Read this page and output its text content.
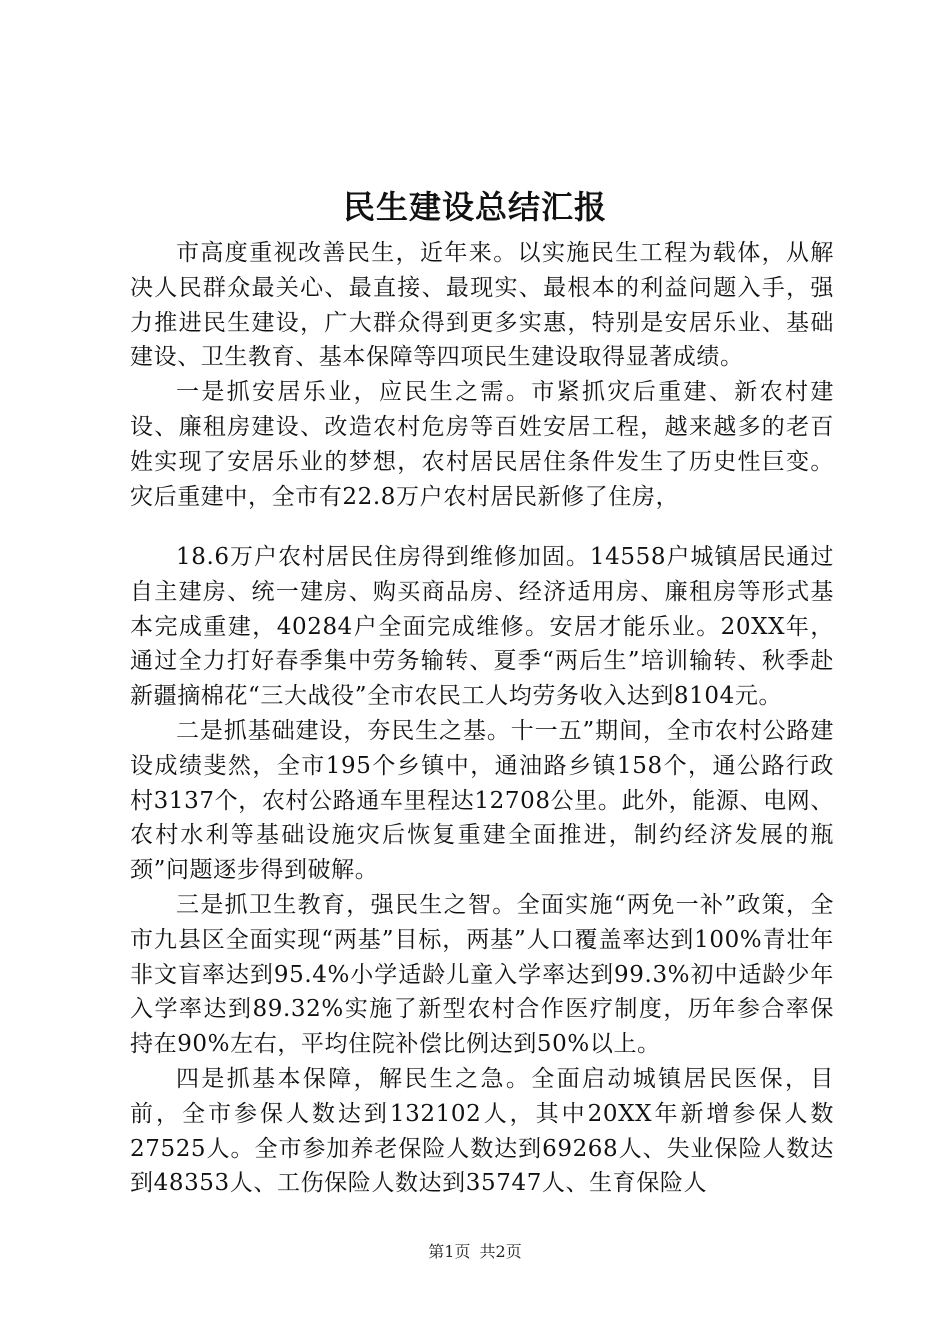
民生建设总结汇报

市高度重视改善民生，近年来。以实施民生工程为载体，从解决人民群众最关心、最直接、最现实、最根本的利益问题入手，强力推进民生建设，广大群众得到更多实惠，特别是安居乐业、基础建设、卫生教育、基本保障等四项民生建设取得显著成绩。

一是抓安居乐业，应民生之需。市紧抓灾后重建、新农村建设、廉租房建设、改造农村危房等百姓安居工程，越来越多的老百姓实现了安居乐业的梦想，农村居民居住条件发生了历史性巨变。灾后重建中，全市有22.8万户农村居民新修了住房，

18.6万户农村居民住房得到维修加固。14558户城镇居民通过自主建房、统一建房、购买商品房、经济适用房、廉租房等形式基本完成重建，40284户全面完成维修。安居才能乐业。20XX年，通过全力打好春季集中劳务输转、夏季“两后生”培训输转、秋季赴新疆摘棉花“三大战役”全市农民工人均劳务收入达到8104元。

二是抓基础建设，夯民生之基。十一五”期间，全市农村公路建设成绩斐然，全市195个乡镇中，通油路乡镇158个，通公路行政村3137个，农村公路通车里程达12708公里。此外，能源、电网、农村水利等基础设施灾后恢复重建全面推进，制约经济发展的瓶颈”问题逐步得到破解。

三是抓卫生教育，强民生之智。全面实施“两免一补”政策，全市九县区全面实现“两基”目标，两基”人口覆盖率达到100%青壮年非文盲率达到95.4%小学适龄儿童入学率达到99.3%初中适龄少年入学率达到89.32%实施了新型农村合作医疗制度，历年参合率保持在90%左右，平均住院补偿比例达到50%以上。

四是抓基本保障，解民生之急。全面启动城镇居民医保，目前，全市参保人数达到132102人，其中20XX年新增参保人数27525人。全市参加养老保险人数达到69268人、失业保险人数达到48353人、工伤保险人数达到35747人、生育保险人

第1页 共2页
